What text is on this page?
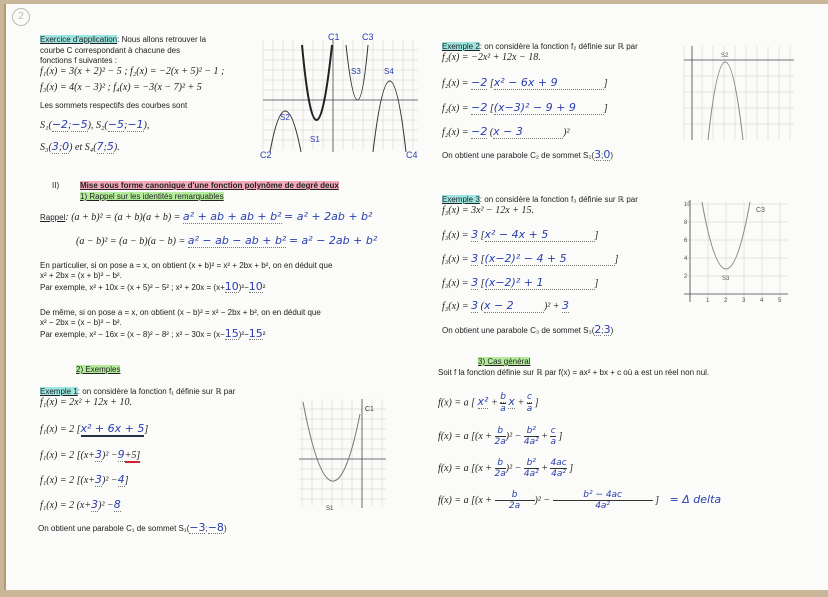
2
Exercice d'application: Nous allons retrouver la
courbe C correspondant à chacune des
fonctions f suivantes :
f₁(x) = 3(x + 2)² − 5 ; f₂(x) = −2(x + 5)² − 1 ;
f₃(x) = 4(x − 3)² ; f₄(x) = −3(x − 7)² + 5
Les sommets respectifs des courbes sont
S₁(−2;−5), S₂(−5;−1),
S₃(3;0) et S₄(7;5).
C1 C3
C2	C4
S2
S1
S3	S4
II)	Mise sous forme canonique d'une fonction polynôme de degré deux
1) Rappel sur les identités remarquables
Rappel: (a + b)² = (a + b)(a + b) = a² + ab + ab + b² = a² + 2ab + b²
(a − b)² = (a − b)(a − b) = a² − ab − ab + b² = a² − 2ab + b²
En particulier, si on pose a = x, on obtient (x + b)² = x² + 2bx + b², on en déduit que
x² + 2bx = (x + b)² − b².
Par exemple, x² + 10x = (x + 5)² − 5² ; x² + 20x = (x+10)²−10²
De même, si on pose a = x, on obtient (x − b)² = x² − 2bx + b², on en déduit que
x² − 2bx = (x − b)² − b².
Par exemple, x² − 16x = (x − 8)² − 8² ; x² − 30x = (x−15)²−15²
2) Exemples
Exemple 1: on considère la fonction f₁ définie sur ℝ par
f₁(x) = 2x² + 12x + 10.
f₁(x) = 2 [x² + 6x + 5]
f₁(x) = 2 [(x+3)² −9+5]
f₁(x) = 2 [(x+3)² −4]
f₁(x) = 2 (x+3)² −8
On obtient une parabole C₁ de sommet S₁(−3;−8)
C1
S1
Exemple 2: on considère la fonction f₂ définie sur ℝ par
f₂(x) = −2x² + 12x − 18.
f₂(x) = −2 [x² − 6x + 9	]
f₂(x) = −2 [(x−3)² − 9 + 9	]
f₂(x) = −2 (x − 3	)²
On obtient une parabole C₂ de sommet S₂(3;0)
S2
Exemple 3: on considère la fonction f₃ définie sur ℝ par
f₃(x) = 3x² − 12x + 15.
f₃(x) = 3 [x² − 4x + 5	]
f₃(x) = 3 [(x−2)² − 4 + 5	]
f₃(x) = 3 [(x−2)² + 1	]
f₃(x) = 3 (x − 2	)² + 3
On obtient une parabole C₃ de sommet S₃(2;3)
10
8
6
4
2
1 2 3 4 5
C3
S3
3) Cas général
Soit f la fonction définie sur ℝ par f(x) = ax² + bx + c où a est un réel non nul.
f(x) = a [ $x^2 + \frac{b}{a}$ $x + \frac{c}{a}$ ]
f(x) = a [$(x + \frac{b}{2a} )^2 - \frac{\text{b²}}{\text{4a²}} + \frac{c}{a}$ ]
f(x) = a [$(x + \frac{b}{2a} )^2 - \frac{\text{b²}}{\text{4a²}} + \frac{4ac}{\text{4a²}}$ ]
f(x) = a [$(x + \frac{b}{2a} )^2 - \frac{\text{b² − 4ac}}{\text{4a²}}$ ] = Δ delta
